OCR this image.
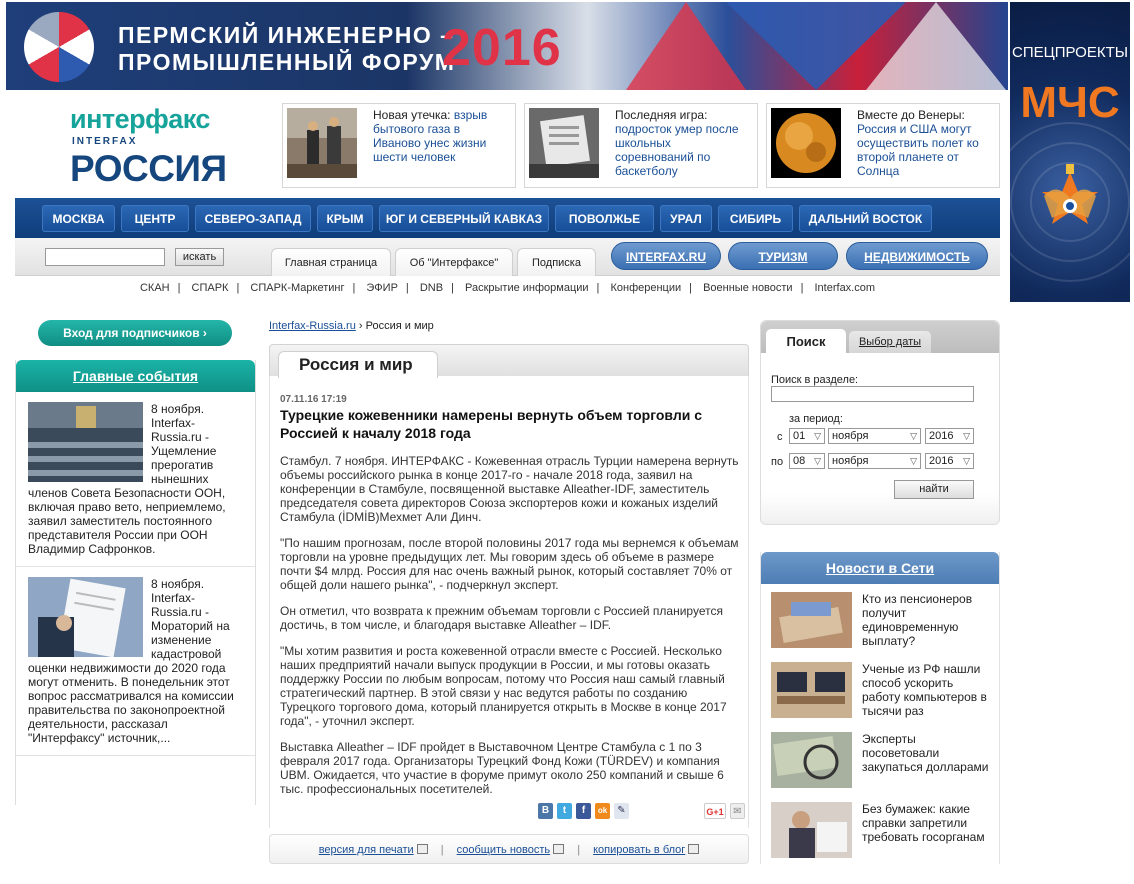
ПЕРМСКИЙ ИНЖЕНЕРНО –
ПРОМЫШЛЕННЫЙ ФОРУМ
2016	СПЕЦПРОЕКТЫ
МЧС
интерфакс
INTERFAX
РОССИЯ
Новая утечка: взрыв бытового газа в Иваново унес жизни шести человек
Последняя игра: подросток умер после школьных соревнований по баскетболу
Вместе до Венеры: Россия и США могут осуществить полет ко второй планете от Солнца
МОСКВА	ЦЕНТР	СЕВЕРО-ЗАПАД	КРЫМ	ЮГ И СЕВЕРНЫЙ КАВКАЗ	ПОВОЛЖЬЕ	УРАЛ	СИБИРЬ	ДАЛЬНИЙ ВОСТОК
искать	Главная страница	Об "Интерфаксе"	Подписка	INTERFAX.RU	ТУРИЗМ	НЕДВИЖИМОСТЬ
СКАН | СПАРК | СПАРК-Маркетинг | ЭФИР | DNB | Раскрытие информации | Конференции | Военные новости | Interfax.com
Вход для подписчиков ›
Главные события
8 ноября. Interfax-Russia.ru - Ущемление прерогатив нынешних членов Совета Безопасности ООН, включая право вето, неприемлемо, заявил заместитель постоянного представителя России при ООН Владимир Сафронков.
8 ноября. Interfax-Russia.ru - Мораторий на изменение кадастровой оценки недвижимости до 2020 года могут отменить. В понедельник этот вопрос рассматривался на комиссии правительства по законопроектной деятельности, рассказал "Интерфаксу" источник,...
Interfax-Russia.ru › Россия и мир
Россия и мир
07.11.16 17:19
Турецкие кожевенники намерены вернуть объем торговли с Россией к началу 2018 года

Стамбул. 7 ноября. ИНТЕРФАКС - Кожевенная отрасль Турции намерена вернуть объемы российского рынка в конце 2017-го - начале 2018 года, заявил на конференции в Стамбуле, посвященной выставке Alleather-IDF, заместитель председателя совета директоров Союза экспортеров кожи и кожаных изделий Стамбула (İDMİB)Мехмет Али Динч.

"По нашим прогнозам, после второй половины 2017 года мы вернемся к объемам торговли на уровне предыдущих лет. Мы говорим здесь об объеме в размере почти $4 млрд. Россия для нас очень важный рынок, который составляет 70% от общей доли нашего рынка", - подчеркнул эксперт.

Он отметил, что возврата к прежним объемам торговли с Россией планируется достичь, в том числе, и благодаря выставке Alleather – IDF.

"Мы хотим развития и роста кожевенной отрасли вместе с Россией. Несколько наших предприятий начали выпуск продукции в России, и мы готовы оказать поддержку России по любым вопросам, потому что Россия наш самый главный стратегический партнер. В этой связи у нас ведутся работы по созданию Турецкого торгового дома, который планируется открыть в Москве в конце 2017 года", - уточнил эксперт.

Выставка Alleather – IDF пройдет в Выставочном Центре Стамбула с 1 по 3 февраля 2017 года. Организаторы Турецкий Фонд Кожи (TÜRDEV) и компания UBM. Ожидается, что участие в форуме примут около 250 компаний и свыше 6 тыс. профессиональных посетителей.

В	t	f	ok	✎	G+1 ✉
версия для печати | сообщить новость | копировать в блог
Поиск	Выбор даты
Поиск в разделе:
за период:
с 01 ▽	ноября	▽	2016 ▽
по 08 ▽	ноября	▽	2016 ▽
найти
Новости в Сети
Кто из пенсионеров получит единовременную выплату?
Ученые из РФ нашли способ ускорить работу компьютеров в тысячи раз
Эксперты посоветовали закупаться долларами
Без бумажек: какие справки запретили требовать госорганам
